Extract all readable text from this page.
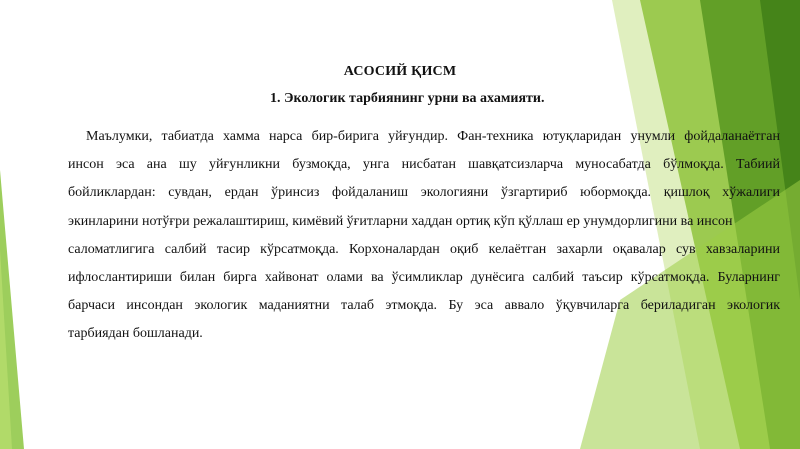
АСОСИЙ ҚИСМ
1. Экологик тарбиянинг урни ва ахамияти.
Маълумки, табиатда хамма нарса бир-бирига уйғундир. Фан-техника ютуқларидан унумли фойдаланаётган
инсон эса ана шу уйғунликни бузмоқда, унга нисбатан шавқатсизларча муносабатда бўлмоқда. Табиий
бойликлардан: сувдан, ердан ўринсиз фойдаланиш экологияни ўзгартириб юбормоқда. қишлоқ хўжалиги
экинларини нотўғри режалаштириш, кимёвий ўғитларни хаддан ортиқ кўп қўллаш ер унумдорлигини ва инсон
саломатлигига салбий тасир кўрсатмоқда. Корхоналардан оқиб келаётган захарли оқавалар сув хавзаларини
ифлослантириши билан бирга хайвонат олами ва ўсимликлар дунёсига салбий таъсир кўрсатмоқда. Буларнинг
барчаси инсондан экологик маданиятни талаб этмоқда. Бу эса аввало ўқувчиларга бериладиган экологик
тарбиядан бошланади.
